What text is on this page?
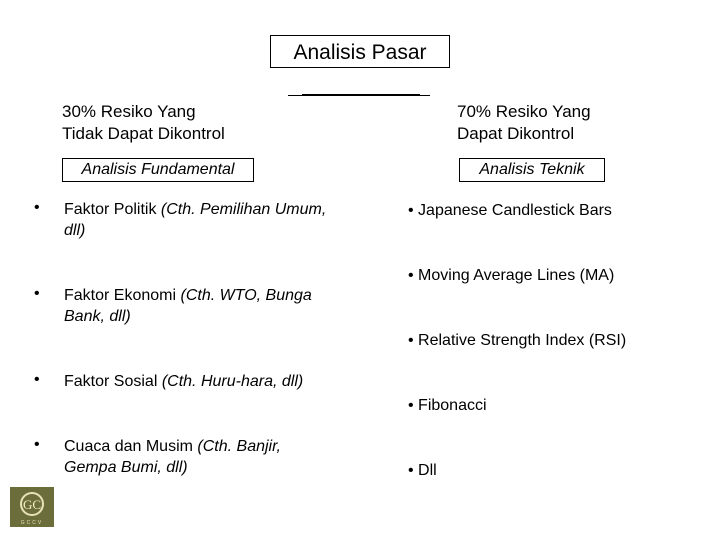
Analisis Pasar
30% Resiko Yang
Tidak Dapat Dikontrol
70% Resiko Yang
Dapat Dikontrol
Analisis Fundamental	Analisis Teknik
• Faktor Politik (Cth. Pemilihan Umum, dll)
• Faktor Ekonomi (Cth. WTO, Bunga Bank, dll)
• Faktor Sosial (Cth. Huru-hara, dll)
• Cuaca dan Musim (Cth. Banjir, Gempa Bumi, dll)
• Japanese Candlestick Bars
• Moving Average Lines (MA)
• Relative Strength Index (RSI)
• Fibonacci
• Dll
GC
GCCV
